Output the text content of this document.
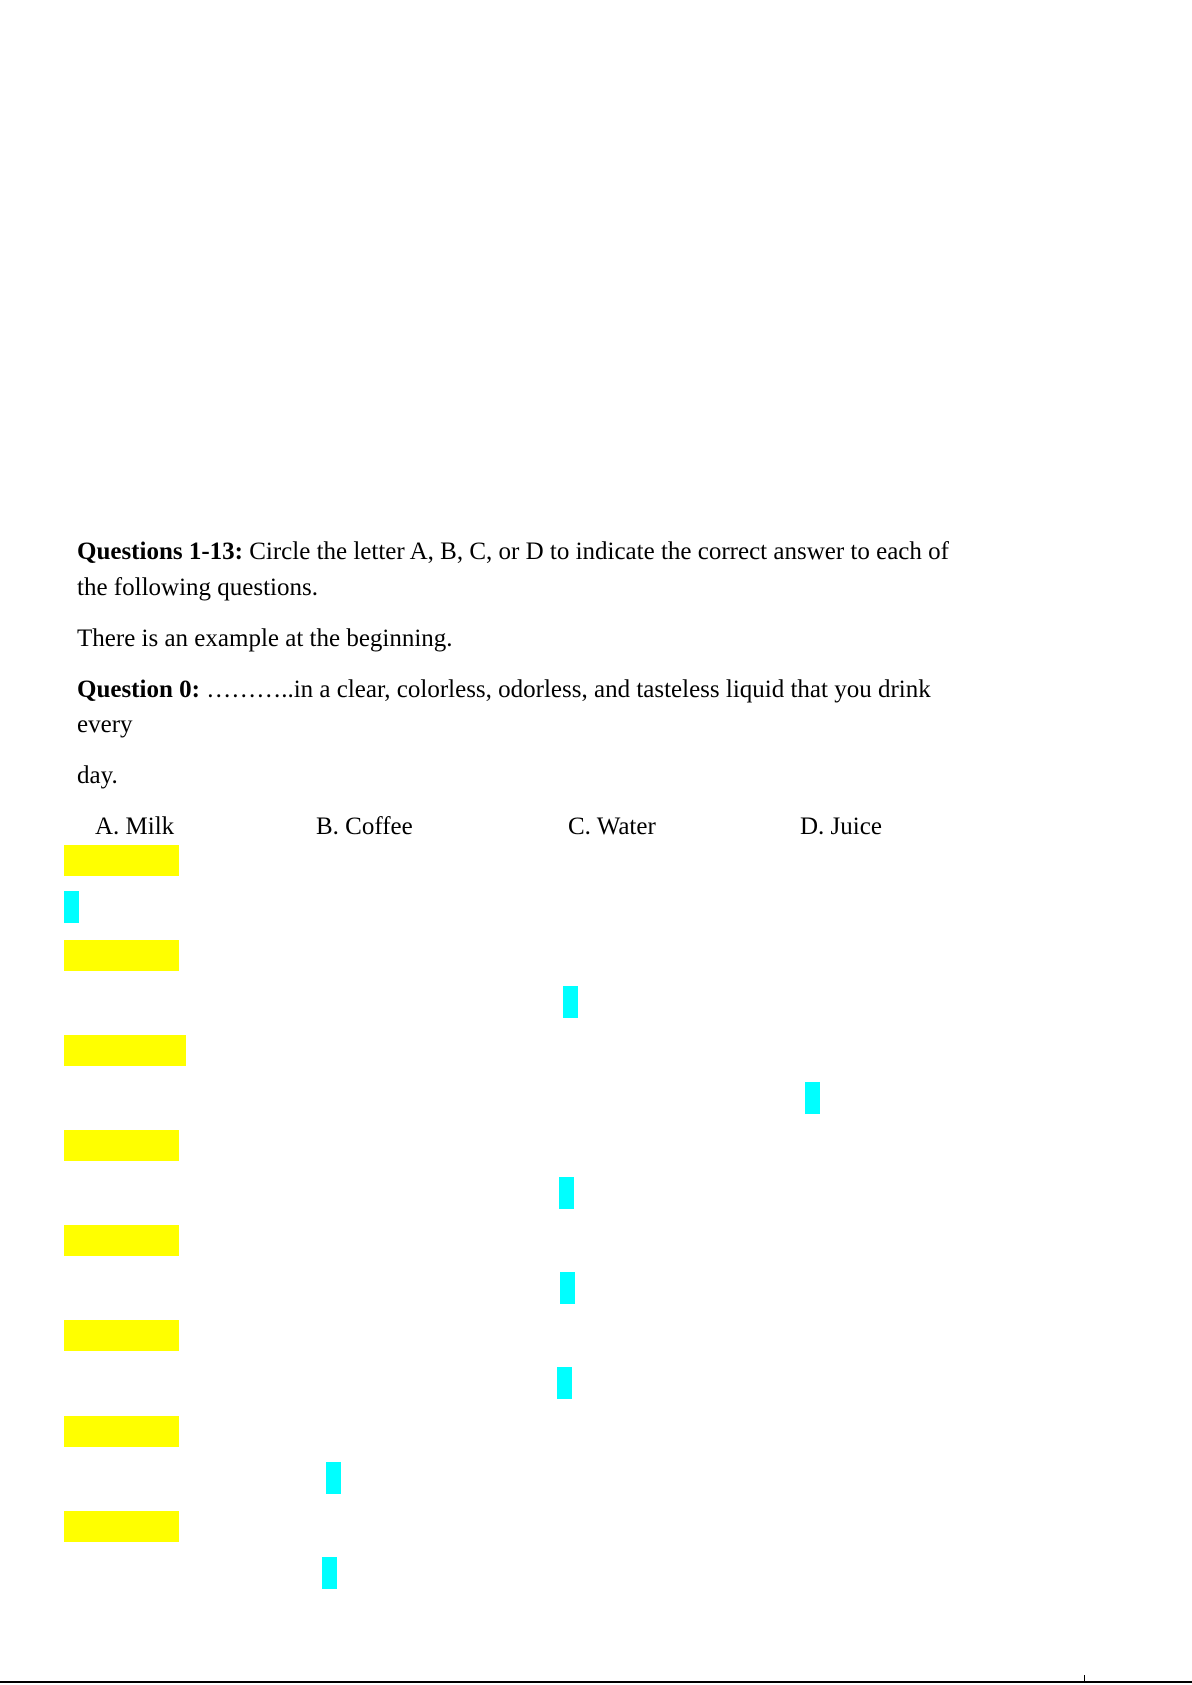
Questions 1-13: Circle the letter A, B, C, or D to indicate the correct answer to each of
the following questions.
There is an example at the beginning.
Question 0: ………..in a clear, colorless, odorless, and tasteless liquid that you drink
every
day.
A. Milk	B. Coffee	C. Water	D. Juice
